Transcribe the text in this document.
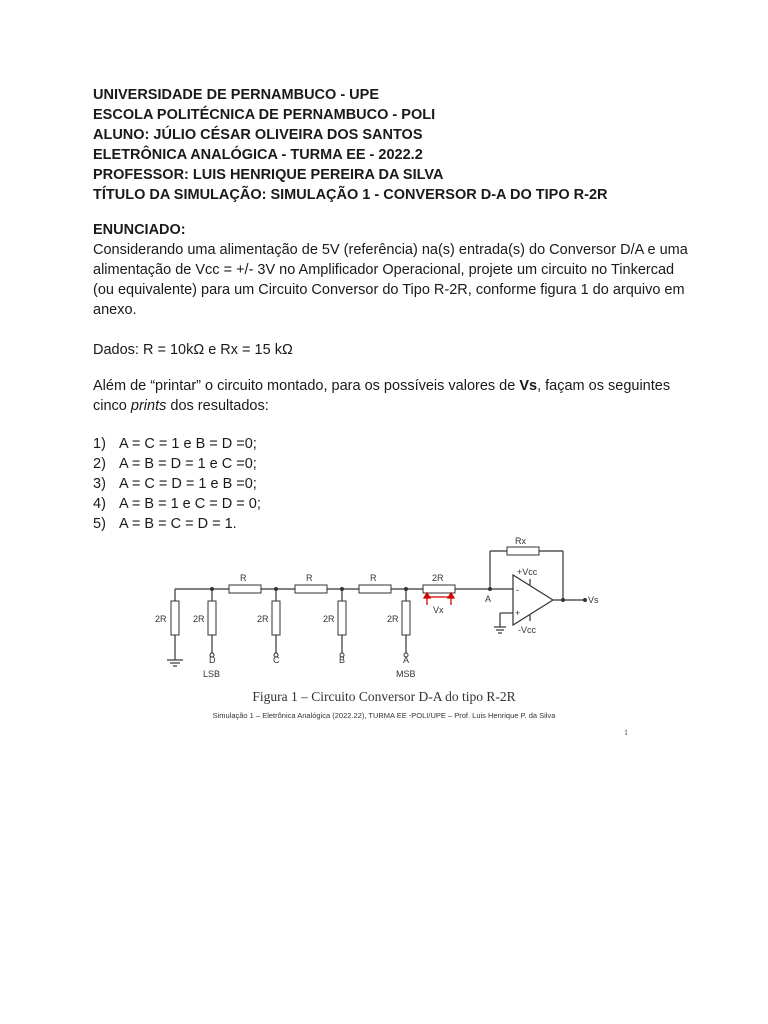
UNIVERSIDADE DE PERNAMBUCO - UPE
ESCOLA POLITÉCNICA DE PERNAMBUCO - POLI
ALUNO: JÚLIO CÉSAR OLIVEIRA DOS SANTOS
ELETRÔNICA ANALÓGICA - TURMA EE - 2022.2
PROFESSOR: LUIS HENRIQUE PEREIRA DA SILVA
TÍTULO DA SIMULAÇÃO: SIMULAÇÃO 1 - CONVERSOR D-A DO TIPO R-2R
ENUNCIADO:
Considerando uma alimentação de 5V (referência) na(s) entrada(s) do Conversor D/A e uma alimentação de Vcc = +/- 3V no Amplificador Operacional, projete um circuito no Tinkercad (ou equivalente) para um Circuito Conversor do Tipo R-2R, conforme figura 1 do arquivo em anexo.
Dados: R = 10kΩ e Rx = 15 kΩ
Além de “printar” o circuito montado, para os possíveis valores de Vs, façam os seguintes cinco prints dos resultados:
1) A = C = 1 e B = D =0;
2) A = B = D = 1 e C =0;
3) A = C = D = 1 e B =0;
4) A = B = 1 e C = D = 0;
5) A = B = C = D = 1.
R	R	R	2R
Rx
2R	2R	2R	2R	2R
Vx
A
+Vcc
-Vcc
-
+
Vs
D	C	B	A
LSB	MSB
Figura 1 – Circuito Conversor D-A do tipo R-2R
Simulação 1 – Eletrônica Analógica (2022.22), TURMA EE -POLI/UPE – Prof. Luis Henrique P. da Silva
1
